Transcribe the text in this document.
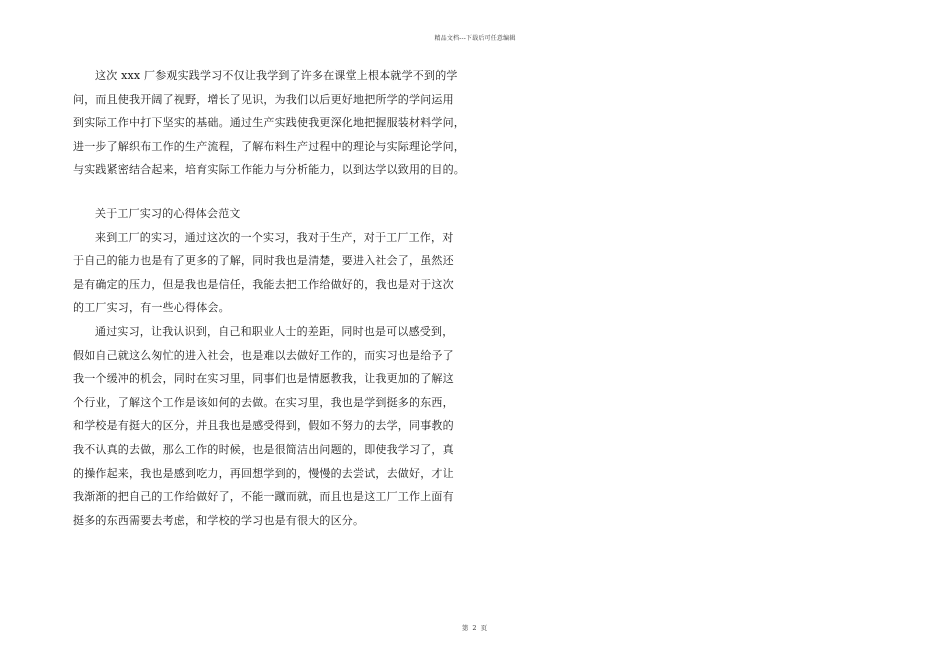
精品文档---下载后可任意编辑
这次 xxx 厂参观实践学习不仅让我学到了许多在课堂上根本就学不到的学
问，而且使我开阔了视野，增长了见识，为我们以后更好地把所学的学问运用
到实际工作中打下坚实的基础。通过生产实践使我更深化地把握服装材料学问，
进一步了解织布工作的生产流程，了解布料生产过程中的理论与实际理论学问，
与实践紧密结合起来，培育实际工作能力与分析能力，以到达学以致用的目的。
关于工厂实习的心得体会范文
来到工厂的实习，通过这次的一个实习，我对于生产，对于工厂工作，对
于自己的能力也是有了更多的了解，同时我也是清楚，要进入社会了，虽然还
是有确定的压力，但是我也是信任，我能去把工作给做好的，我也是对于这次
的工厂实习，有一些心得体会。
通过实习，让我认识到，自己和职业人士的差距，同时也是可以感受到，
假如自己就这么匆忙的进入社会，也是难以去做好工作的，而实习也是给予了
我一个缓冲的机会，同时在实习里，同事们也是情愿教我，让我更加的了解这
个行业，了解这个工作是该如何的去做。在实习里，我也是学到挺多的东西，
和学校是有挺大的区分，并且我也是感受得到，假如不努力的去学，同事教的
我不认真的去做，那么工作的时候，也是很简洁出问题的，即使我学习了，真
的操作起来，我也是感到吃力，再回想学到的，慢慢的去尝试，去做好，才让
我渐渐的把自己的工作给做好了，不能一蹴而就，而且也是这工厂工作上面有
挺多的东西需要去考虑，和学校的学习也是有很大的区分。
第 2 页
